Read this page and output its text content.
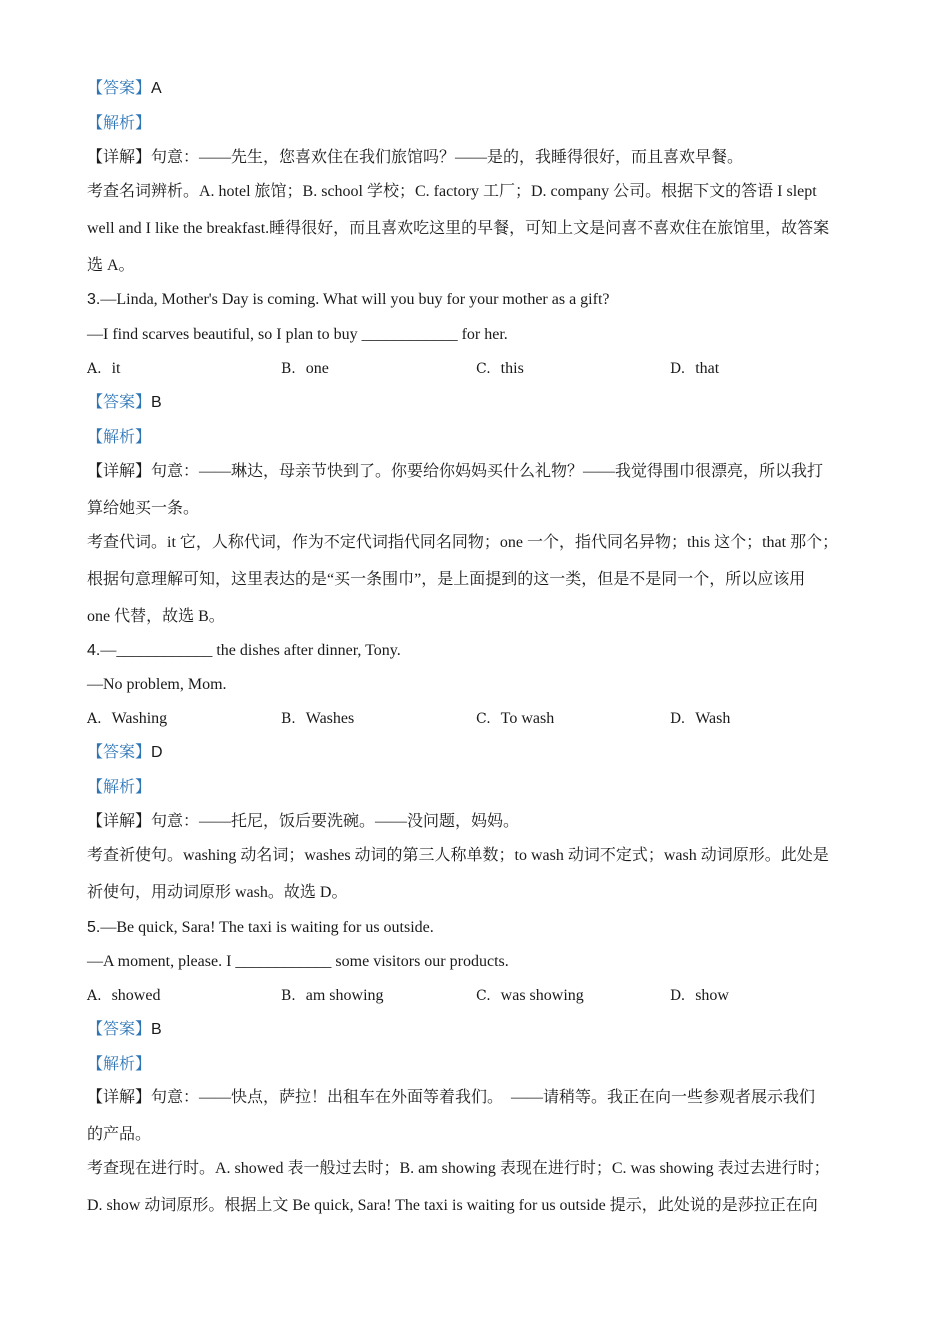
【答案】A
【解析】
【详解】句意：——先生，您喜欢住在我们旅馆吗？——是的，我睡得很好，而且喜欢早餐。
考查名词辨析。A. hotel 旅馆；B. school 学校；C. factory 工厂；D. company 公司。根据下文的答语 I slept
well and I like the breakfast.睡得很好，而且喜欢吃这里的早餐，可知上文是问喜不喜欢住在旅馆里，故答案
选 A。
3.—Linda, Mother's Day is coming. What will you buy for your mother as a gift?
—I find scarves beautiful, so I plan to buy ____________ for her.
A. it	B. one	C. this	D. that
【答案】B
【解析】
【详解】句意：——琳达，母亲节快到了。你要给你妈妈买什么礼物？——我觉得围巾很漂亮，所以我打
算给她买一条。
考查代词。it 它，人称代词，作为不定代词指代同名同物；one 一个，指代同名异物；this 这个；that 那个；
根据句意理解可知，这里表达的是“买一条围巾”，是上面提到的这一类，但是不是同一个，所以应该用
one 代替，故选 B。
4.—____________ the dishes after dinner, Tony.
—No problem, Mom.
A. Washing	B. Washes	C. To wash	D. Wash
【答案】D
【解析】
【详解】句意：——托尼，饭后要洗碗。——没问题，妈妈。
考查祈使句。washing 动名词；washes 动词的第三人称单数；to wash 动词不定式；wash 动词原形。此处是
祈使句，用动词原形 wash。故选 D。
5.—Be quick, Sara! The taxi is waiting for us outside.
—A moment, please. I ____________ some visitors our products.
A. showed	B. am showing	C. was showing	D. show
【答案】B
【解析】
【详解】句意：——快点，萨拉！出租车在外面等着我们。　——请稍等。我正在向一些参观者展示我们
的产品。
考查现在进行时。A. showed 表一般过去时；B. am showing 表现在进行时；C. was showing 表过去进行时；
D. show 动词原形。根据上文 Be quick, Sara! The taxi is waiting for us outside 提示，此处说的是莎拉正在向
